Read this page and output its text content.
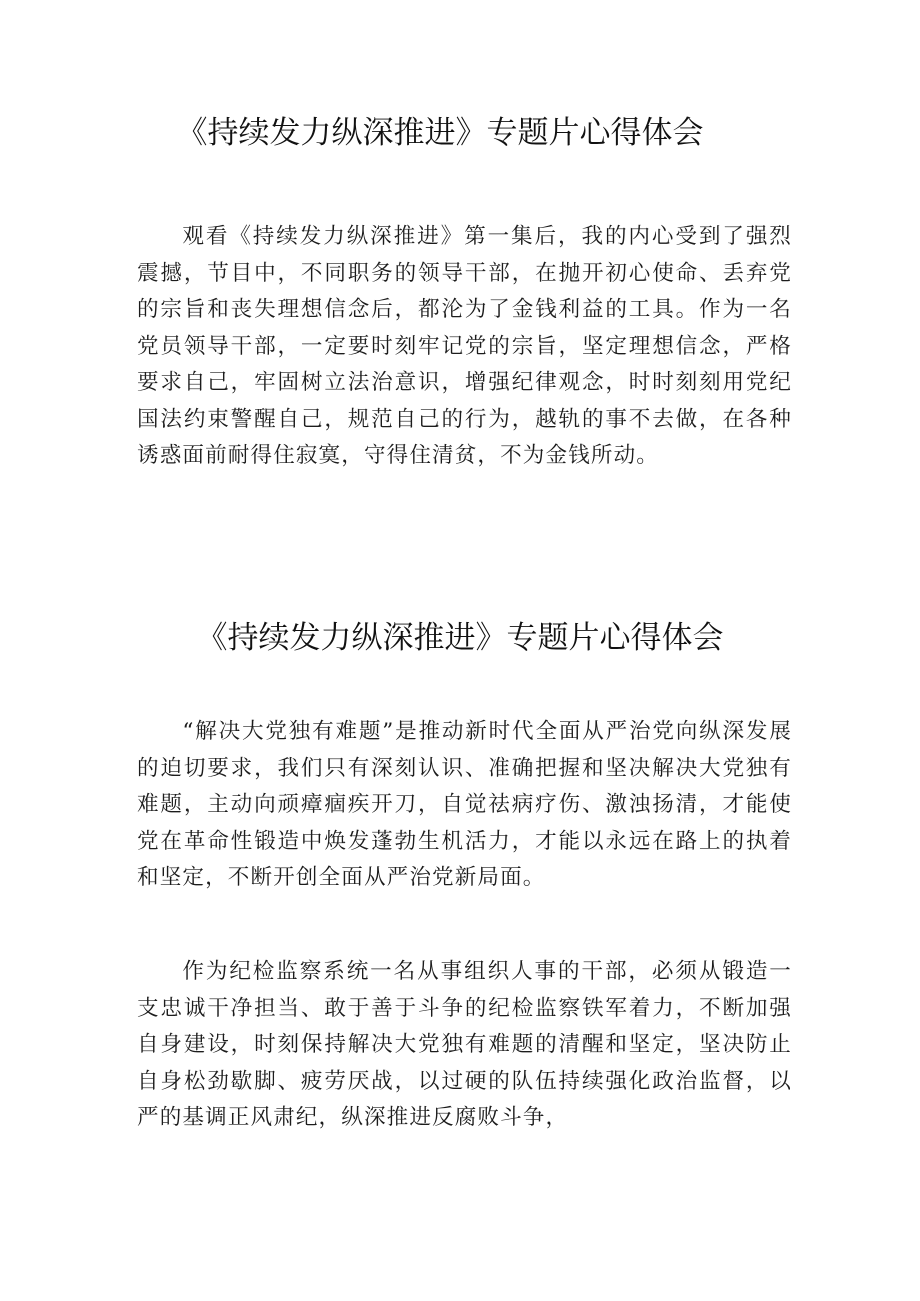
《持续发力纵深推进》专题片心得体会

观看《持续发力纵深推进》第一集后，我的内心受到了强烈震撼，节目中，不同职务的领导干部，在抛开初心使命、丢弃党的宗旨和丧失理想信念后，都沦为了金钱利益的工具。作为一名党员领导干部，一定要时刻牢记党的宗旨，坚定理想信念，严格要求自己，牢固树立法治意识，增强纪律观念，时时刻刻用党纪国法约束警醒自己，规范自己的行为，越轨的事不去做，在各种诱惑面前耐得住寂寞，守得住清贫，不为金钱所动。

《持续发力纵深推进》专题片心得体会

“解决大党独有难题”是推动新时代全面从严治党向纵深发展的迫切要求，我们只有深刻认识、准确把握和坚决解决大党独有难题，主动向顽瘴痼疾开刀，自觉祛病疗伤、激浊扬清，才能使党在革命性锻造中焕发蓬勃生机活力，才能以永远在路上的执着和坚定，不断开创全面从严治党新局面。

作为纪检监察系统一名从事组织人事的干部，必须从锻造一支忠诚干净担当、敢于善于斗争的纪检监察铁军着力，不断加强自身建设，时刻保持解决大党独有难题的清醒和坚定，坚决防止自身松劲歇脚、疲劳厌战，以过硬的队伍持续强化政治监督，以严的基调正风肃纪，纵深推进反腐败斗争，
